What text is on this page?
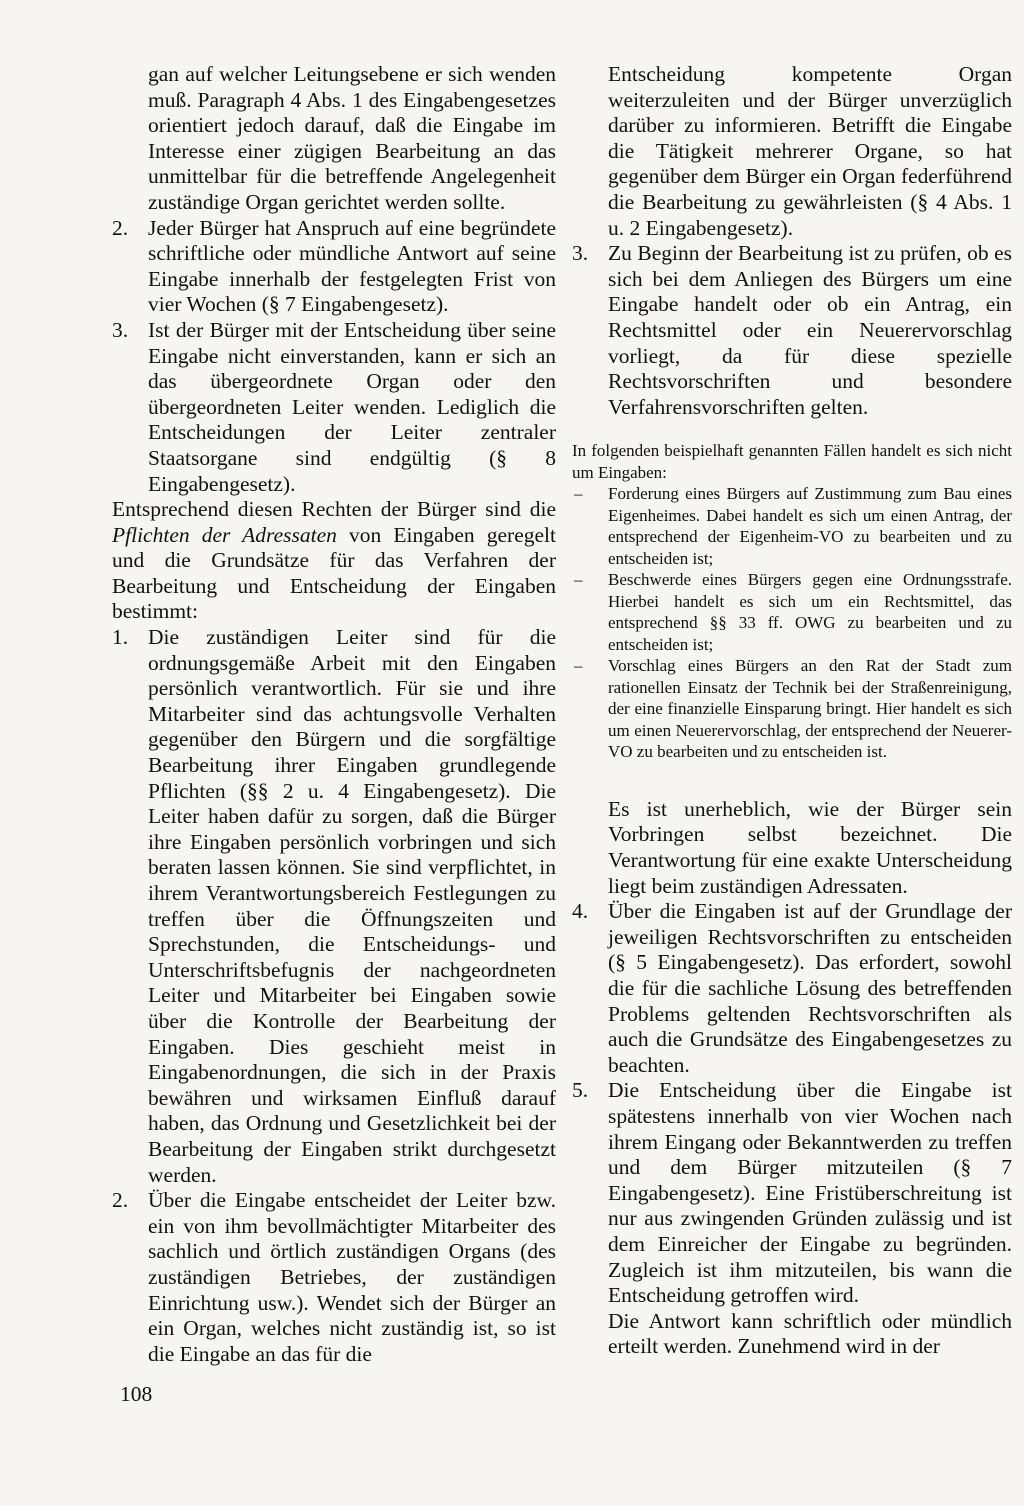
gan auf welcher Leitungsebene er sich wenden muß. Paragraph 4 Abs. 1 des Eingabengesetzes orientiert jedoch darauf, daß die Eingabe im Interesse einer zügigen Bearbeitung an das unmittelbar für die betreffende Angelegenheit zuständige Organ gerichtet werden sollte.

2. Jeder Bürger hat Anspruch auf eine begründete schriftliche oder mündliche Antwort auf seine Eingabe innerhalb der festgelegten Frist von vier Wochen (§ 7 Eingabengesetz).

3. Ist der Bürger mit der Entscheidung über seine Eingabe nicht einverstanden, kann er sich an das übergeordnete Organ oder den übergeordneten Leiter wenden. Lediglich die Entscheidungen der Leiter zentraler Staatsorgane sind endgültig (§ 8 Eingabengesetz).

Entsprechend diesen Rechten der Bürger sind die Pflichten der Adressaten von Eingaben geregelt und die Grundsätze für das Verfahren der Bearbeitung und Entscheidung der Eingaben bestimmt:

1. Die zuständigen Leiter sind für die ordnungsgemäße Arbeit mit den Eingaben persönlich verantwortlich. Für sie und ihre Mitarbeiter sind das achtungsvolle Verhalten gegenüber den Bürgern und die sorgfältige Bearbeitung ihrer Eingaben grundlegende Pflichten (§§ 2 u. 4 Eingabengesetz). Die Leiter haben dafür zu sorgen, daß die Bürger ihre Eingaben persönlich vorbringen und sich beraten lassen können. Sie sind verpflichtet, in ihrem Verantwortungsbereich Festlegungen zu treffen über die Öffnungszeiten und Sprechstunden, die Entscheidungs- und Unterschriftsbefugnis der nachgeordneten Leiter und Mitarbeiter bei Eingaben sowie über die Kontrolle der Bearbeitung der Eingaben. Dies geschieht meist in Eingabenordnungen, die sich in der Praxis bewähren und wirksamen Einfluß darauf haben, das Ordnung und Gesetzlichkeit bei der Bearbeitung der Eingaben strikt durchgesetzt werden.

2. Über die Eingabe entscheidet der Leiter bzw. ein von ihm bevollmächtigter Mitarbeiter des sachlich und örtlich zuständigen Organs (des zuständigen Betriebes, der zuständigen Einrichtung usw.). Wendet sich der Bürger an ein Organ, welches nicht zuständig ist, so ist die Eingabe an das für die

Entscheidung kompetente Organ weiterzuleiten und der Bürger unverzüglich darüber zu informieren. Betrifft die Eingabe die Tätigkeit mehrerer Organe, so hat gegenüber dem Bürger ein Organ federführend die Bearbeitung zu gewährleisten (§ 4 Abs. 1 u. 2 Eingabengesetz).

3. Zu Beginn der Bearbeitung ist zu prüfen, ob es sich bei dem Anliegen des Bürgers um eine Eingabe handelt oder ob ein Antrag, ein Rechtsmittel oder ein Neuerervorschlag vorliegt, da für diese spezielle Rechtsvorschriften und besondere Verfahrensvorschriften gelten.

In folgenden beispielhaft genannten Fällen handelt es sich nicht um Eingaben:

– Forderung eines Bürgers auf Zustimmung zum Bau eines Eigenheimes. Dabei handelt es sich um einen Antrag, der entsprechend der Eigenheim-VO zu bearbeiten und zu entscheiden ist;

– Beschwerde eines Bürgers gegen eine Ordnungsstrafe. Hierbei handelt es sich um ein Rechtsmittel, das entsprechend §§ 33 ff. OWG zu bearbeiten und zu entscheiden ist;

– Vorschlag eines Bürgers an den Rat der Stadt zum rationellen Einsatz der Technik bei der Straßenreinigung, der eine finanzielle Einsparung bringt. Hier handelt es sich um einen Neuerervorschlag, der entsprechend der Neuerer-VO zu bearbeiten und zu entscheiden ist.

Es ist unerheblich, wie der Bürger sein Vorbringen selbst bezeichnet. Die Verantwortung für eine exakte Unterscheidung liegt beim zuständigen Adressaten.

4. Über die Eingaben ist auf der Grundlage der jeweiligen Rechtsvorschriften zu entscheiden (§ 5 Eingabengesetz). Das erfordert, sowohl die für die sachliche Lösung des betreffenden Problems geltenden Rechtsvorschriften als auch die Grundsätze des Eingabengesetzes zu beachten.

5. Die Entscheidung über die Eingabe ist spätestens innerhalb von vier Wochen nach ihrem Eingang oder Bekanntwerden zu treffen und dem Bürger mitzuteilen (§ 7 Eingabengesetz). Eine Fristüberschreitung ist nur aus zwingenden Gründen zulässig und ist dem Einreicher der Eingabe zu begründen. Zugleich ist ihm mitzuteilen, bis wann die Entscheidung getroffen wird.

Die Antwort kann schriftlich oder mündlich erteilt werden. Zunehmend wird in der

108
